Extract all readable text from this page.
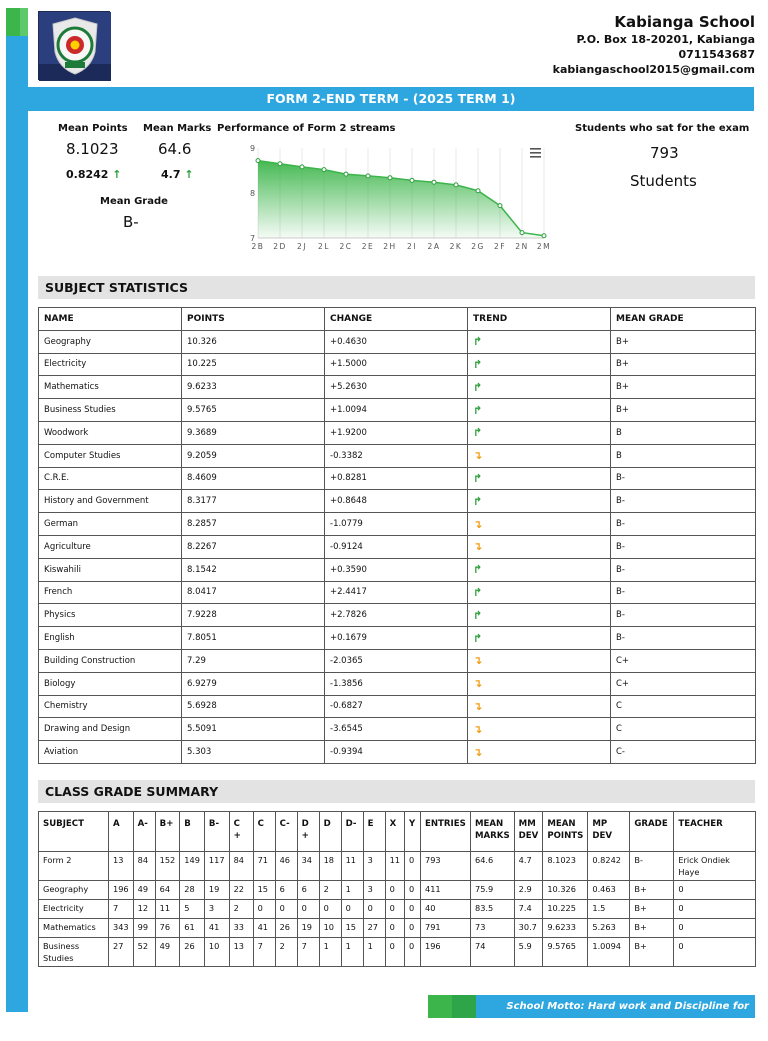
Kabianga School
P.O. Box 18-20201, Kabianga
0711543687
kabiangaschool2015@gmail.com
FORM 2-END TERM - (2025 TERM 1)
Mean Points
8.1023
0.8242 ↑
Mean Marks
64.6
4.7 ↑
Mean Grade
B-
Students who sat for the exam
793
Students
Performance of Form 2 streams
7
8
9
2B 2D 2J 2L 2C 2E 2H 2I 2A 2K 2G 2F 2N 2M
SUBJECT STATISTICS
NAME	POINTS	CHANGE	TREND	MEAN GRADE
Geography	10.326	+0.4630	↱	B+
Electricity	10.225	+1.5000	↱	B+
Mathematics	9.6233	+5.2630	↱	B+
Business Studies	9.5765	+1.0094	↱	B+
Woodwork	9.3689	+1.9200	↱	B
Computer Studies	9.2059	-0.3382	↴	B
C.R.E.	8.4609	+0.8281	↱	B-
History and Government	8.3177	+0.8648	↱	B-
German	8.2857	-1.0779	↴	B-
Agriculture	8.2267	-0.9124	↴	B-
Kiswahili	8.1542	+0.3590	↱	B-
French	8.0417	+2.4417	↱	B-
Physics	7.9228	+2.7826	↱	B-
English	7.8051	+0.1679	↱	B-
Building Construction	7.29	-2.0365	↴	C+
Biology	6.9279	-1.3856	↴	C+
Chemistry	5.6928	-0.6827	↴	C
Drawing and Design	5.5091	-3.6545	↴	C
Aviation	5.303	-0.9394	↴	C-
CLASS GRADE SUMMARY
SUBJECT	A	A-	B+	B	B-	C +	C	C-	D +	D	D-	E	X	Y	ENTRIES	MEAN MARKS	MM DEV	MEAN POINTS	MP DEV	GRADE	TEACHER
Form 2	13	84	152	149	117	84	71	46	34	18	11	3	11	0	793	64.6	4.7	8.1023	0.8242	B-	Erick Ondiek Haye
Geography	196	49	64	28	19	22	15	6	6	2	1	3	0	0	411	75.9	2.9	10.326	0.463	B+	0
Electricity	7	12	11	5	3	2	0	0	0	0	0	0	0	0	40	83.5	7.4	10.225	1.5	B+	0
Mathematics	343	99	76	61	41	33	41	26	19	10	15	27	0	0	791	73	30.7	9.6233	5.263	B+	0
Business Studies	27	52	49	26	10	13	7	2	7	1	1	1	0	0	196	74	5.9	9.5765	1.0094	B+	0
School Motto: Hard work and Discipline for success
